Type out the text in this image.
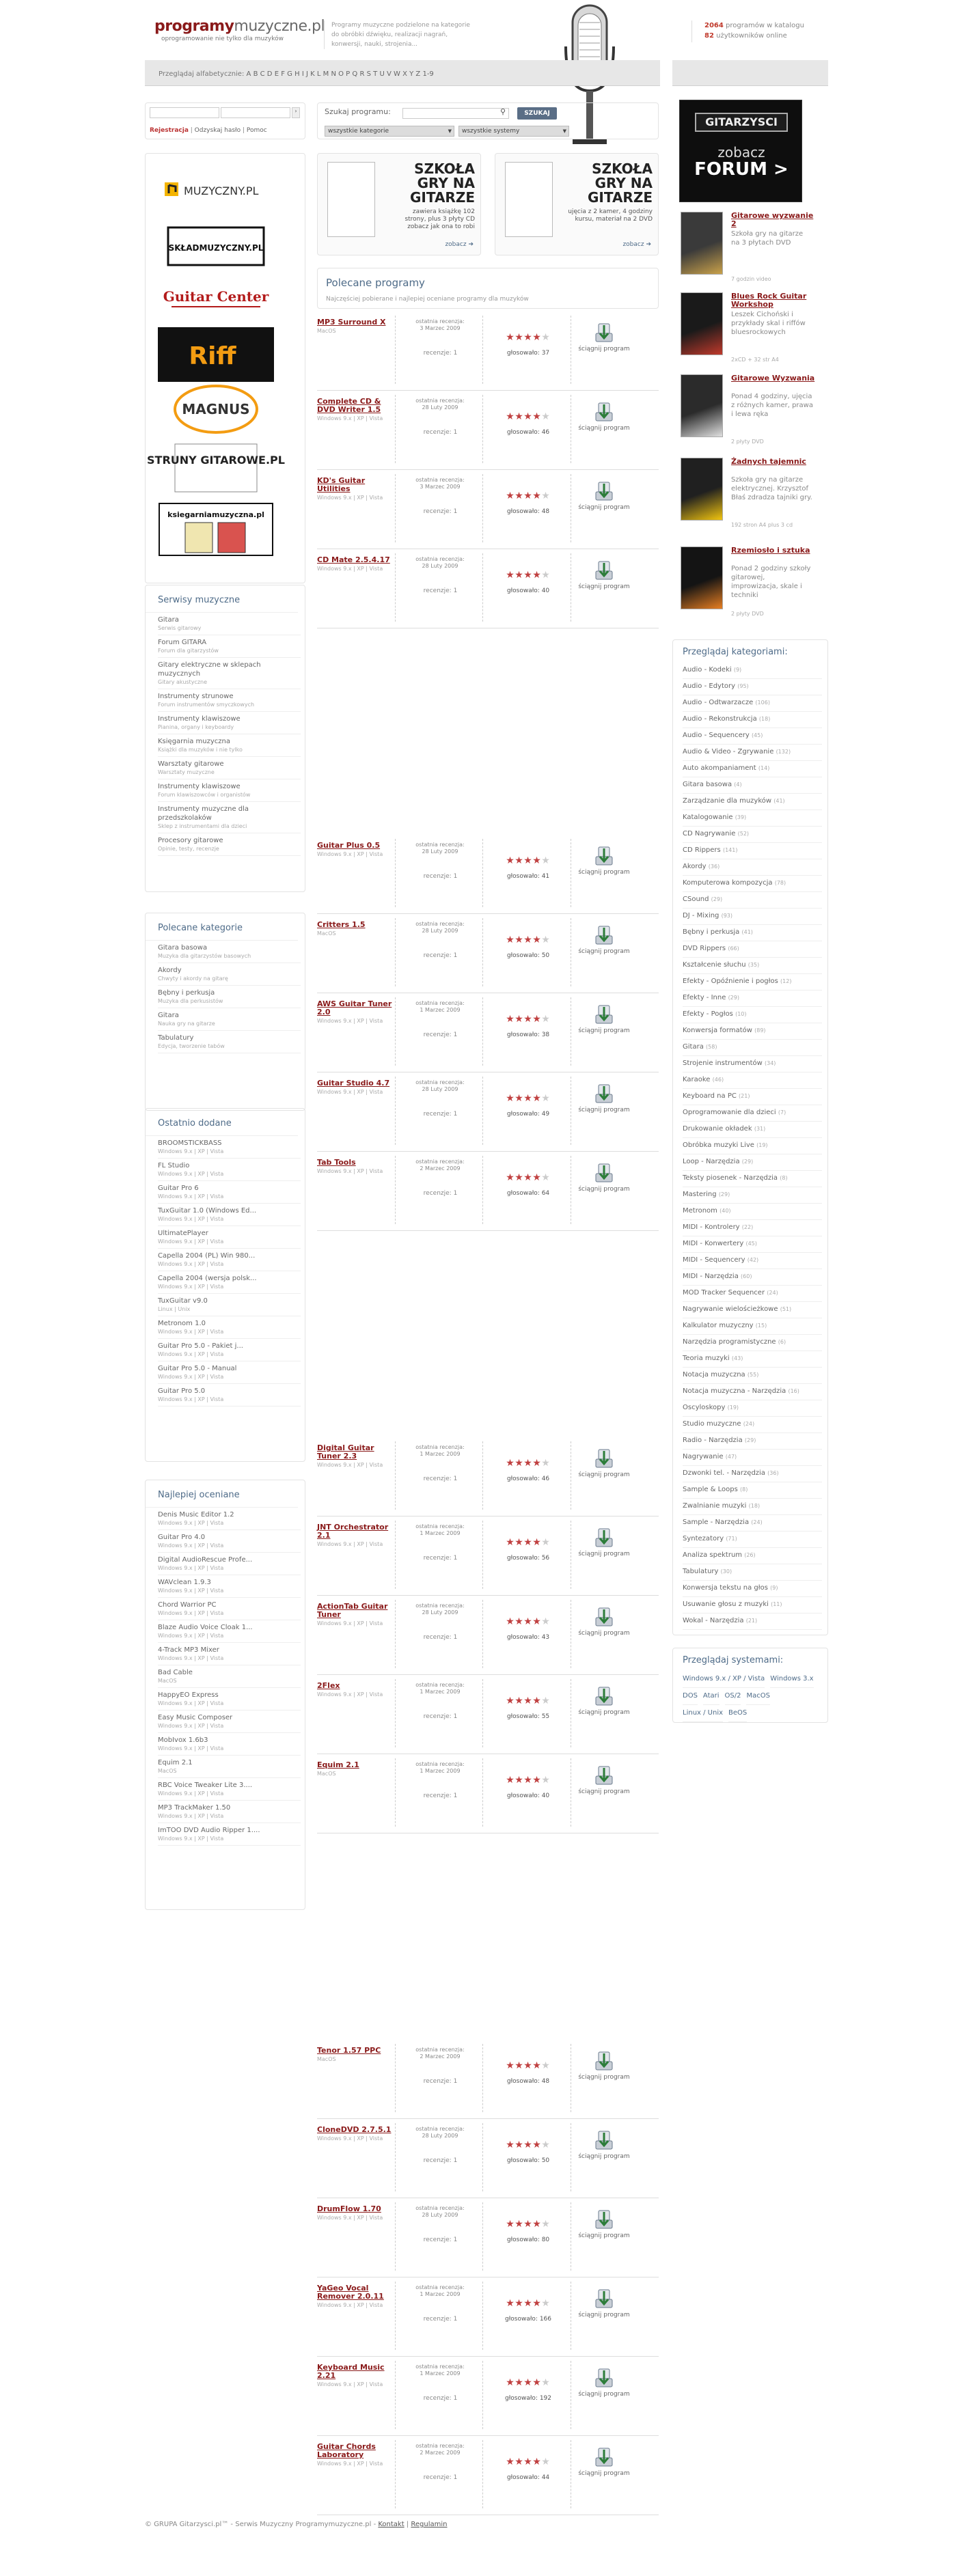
programymuzyczne.pl
oprogramowanie nie tylko dla muzyków
Programy muzyczne podzielone na kategorie do obróbki dźwięku, realizacji nagrań, konwersji, nauki, strojenia...
2064 programów w katalogu
82 użytkowników online
Przeglądaj alfabetycznie: A B C D E F G H I J K L M N O P Q R S T U V W X Y Z 1-9
›
Rejestracja | Odzyskaj hasło | Pomoc
Szukaj programu:	⚲	SZUKAJ
wszystkie kategorie ▼	wszystkie systemy ▼
MUZYCZNY.PL
SKŁADMUZYCZNY.PL
Guitar Center
Riff
MAGNUS
STRUNY GITAROWE.PL
ksiegarniamuzyczna.pl
Serwisy muzyczne
Gitara
Serwis gitarowy
Forum GITARA
Forum dla gitarzystów
Gitary elektryczne w sklepach muzycznych
Gitary akustyczne
Instrumenty strunowe
Forum instrumentów smyczkowych
Instrumenty klawiszowe
Pianina, organy i keyboardy
Księgarnia muzyczna
Książki dla muzyków i nie tylko
Warsztaty gitarowe
Warsztaty muzyczne
Instrumenty klawiszowe
Forum klawiszowców i organistów
Instrumenty muzyczne dla przedszkolaków
Sklep z instrumentami dla dzieci
Procesory gitarowe
Opinie, testy, recenzje
Polecane kategorie
Gitara basowa
Muzyka dla gitarzystów basowych
Akordy
Chwyty i akordy na gitarę
Bębny i perkusja
Muzyka dla perkusistów
Gitara
Nauka gry na gitarze
Tabulatury
Edycja, tworzenie tabów
Ostatnio dodane
BROOMSTICKBASS
Windows 9.x | XP | Vista
FL Studio
Windows 9.x | XP | Vista
Guitar Pro 6
Windows 9.x | XP | Vista
TuxGuitar 1.0 (Windows Ed...
Windows 9.x | XP | Vista
UltimatePlayer
Windows 9.x | XP | Vista
Capella 2004 (PL) Win 980...
Windows 9.x | XP | Vista
Capella 2004 (wersja polsk...
Windows 9.x | XP | Vista
TuxGuitar v9.0
Linux | Unix
Metronom 1.0
Windows 9.x | XP | Vista
Guitar Pro 5.0 - Pakiet j...
Windows 9.x | XP | Vista
Guitar Pro 5.0 - Manual
Windows 9.x | XP | Vista
Guitar Pro 5.0
Windows 9.x | XP | Vista
Najlepiej oceniane
Denis Music Editor 1.2
Windows 9.x | XP | Vista
Guitar Pro 4.0
Windows 9.x | XP | Vista
Digital AudioRescue Profe...
Windows 9.x | XP | Vista
WAVclean 1.9.3
Windows 9.x | XP | Vista
Chord Warrior PC
Windows 9.x | XP | Vista
Blaze Audio Voice Cloak 1...
Windows 9.x | XP | Vista
4-Track MP3 Mixer
Windows 9.x | XP | Vista
Bad Cable
MacOS
HappyEO Express
Windows 9.x | XP | Vista
Easy Music Composer
Windows 9.x | XP | Vista
MobIvox 1.6b3
Windows 9.x | XP | Vista
Equim 2.1
MacOS
RBC Voice Tweaker Lite 3....
Windows 9.x | XP | Vista
MP3 TrackMaker 1.50
Windows 9.x | XP | Vista
ImTOO DVD Audio Ripper 1....
Windows 9.x | XP | Vista
SZKOŁA GRY NA GITARZE
zawiera książkę 102 strony, plus 3 płyty CD zobacz jak ona to robi
zobacz ➔
SZKOŁA GRY NA GITARZE
ujęcia z 2 kamer, 4 godziny kursu, materiał na 2 DVD
zobacz ➔
Polecane programy

Najczęściej pobierane i najlepiej oceniane programy dla muzyków

MP3 Surround X
MacOS
ostatnia recenzja:
3 Marzec 2009
recenzje: 1
★★★★★
głosowało: 37
ściągnij program
Complete CD & DVD Writer 1.5
Windows 9.x | XP | Vista
ostatnia recenzja:
28 Luty 2009
recenzje: 1
★★★★★
głosowało: 46
ściągnij program
KD's Guitar Utilities
Windows 9.x | XP | Vista
ostatnia recenzja:
3 Marzec 2009
recenzje: 1
★★★★★
głosowało: 48
ściągnij program
CD Mate 2.5.4.17
Windows 9.x | XP | Vista
ostatnia recenzja:
28 Luty 2009
recenzje: 1
★★★★★
głosowało: 40
ściągnij program
Guitar Plus 0.5
Windows 9.x | XP | Vista
ostatnia recenzja:
28 Luty 2009
recenzje: 1
★★★★★
głosowało: 41
ściągnij program
Critters 1.5
MacOS
ostatnia recenzja:
28 Luty 2009
recenzje: 1
★★★★★
głosowało: 50
ściągnij program
AWS Guitar Tuner 2.0
Windows 9.x | XP | Vista
ostatnia recenzja:
1 Marzec 2009
recenzje: 1
★★★★★
głosowało: 38
ściągnij program
Guitar Studio 4.7
Windows 9.x | XP | Vista
ostatnia recenzja:
28 Luty 2009
recenzje: 1
★★★★★
głosowało: 49
ściągnij program
Tab Tools
Windows 9.x | XP | Vista
ostatnia recenzja:
2 Marzec 2009
recenzje: 1
★★★★★
głosowało: 64
ściągnij program
Digital Guitar Tuner 2.3
Windows 9.x | XP | Vista
ostatnia recenzja:
1 Marzec 2009
recenzje: 1
★★★★★
głosowało: 46
ściągnij program
JNT Orchestrator 2.1
Windows 9.x | XP | Vista
ostatnia recenzja:
1 Marzec 2009
recenzje: 1
★★★★★
głosowało: 56
ściągnij program
ActionTab Guitar Tuner
Windows 9.x | XP | Vista
ostatnia recenzja:
28 Luty 2009
recenzje: 1
★★★★★
głosowało: 43
ściągnij program
2Flex
Windows 9.x | XP | Vista
ostatnia recenzja:
1 Marzec 2009
recenzje: 1
★★★★★
głosowało: 55
ściągnij program
Equim 2.1
MacOS
ostatnia recenzja:
1 Marzec 2009
recenzje: 1
★★★★★
głosowało: 40
ściągnij program
Tenor 1.57 PPC
MacOS
ostatnia recenzja:
2 Marzec 2009
recenzje: 1
★★★★★
głosowało: 48
ściągnij program
CloneDVD 2.7.5.1
Windows 9.x | XP | Vista
ostatnia recenzja:
28 Luty 2009
recenzje: 1
★★★★★
głosowało: 50
ściągnij program
DrumFlow 1.70
Windows 9.x | XP | Vista
ostatnia recenzja:
28 Luty 2009
recenzje: 1
★★★★★
głosowało: 80
ściągnij program
YaGeo Vocal Remover 2.0.11
Windows 9.x | XP | Vista
ostatnia recenzja:
1 Marzec 2009
recenzje: 1
★★★★★
głosowało: 166
ściągnij program
Keyboard Music 2.21
Windows 9.x | XP | Vista
ostatnia recenzja:
1 Marzec 2009
recenzje: 1
★★★★★
głosowało: 192
ściągnij program
Guitar Chords Laboratory
Windows 9.x | XP | Vista
ostatnia recenzja:
2 Marzec 2009
recenzje: 1
★★★★★
głosowało: 44
ściągnij program
GITARZYSCI
zobacz
FORUM >
Gitarowe wyzwanie 2
Szkoła gry na gitarze na 3 płytach DVD
7 godzin video
Blues Rock Guitar Workshop
Leszek Cichoński i przykłady skal i riffów bluesrockowych
2xCD + 32 str A4
Gitarowe Wyzwania
Ponad 4 godziny, ujęcia z różnych kamer, prawa i lewa ręka
2 płyty DVD
Żadnych tajemnic
Szkoła gry na gitarze elektrycznej. Krzysztof Błaś zdradza tajniki gry.
192 stron A4 plus 3 cd
Rzemiosło i sztuka
Ponad 2 godziny szkoły gitarowej, improwizacja, skale i techniki
2 płyty DVD
Przeglądaj kategoriami:
Audio - Kodeki (9)
Audio - Edytory (95)
Audio - Odtwarzacze (106)
Audio - Rekonstrukcja (18)
Audio - Sequencery (45)
Audio & Video - Zgrywanie (132)
Auto akompaniament (14)
Gitara basowa (4)
Zarządzanie dla muzyków (41)
Katalogowanie (39)
CD Nagrywanie (52)
CD Rippers (141)
Akordy (36)
Komputerowa kompozycja (78)
CSound (29)
DJ - Mixing (93)
Bębny i perkusja (41)
DVD Rippers (66)
Kształcenie słuchu (35)
Efekty - Opóźnienie i pogłos (12)
Efekty - Inne (29)
Efekty - Pogłos (10)
Konwersja formatów (89)
Gitara (58)
Strojenie instrumentów (34)
Karaoke (46)
Keyboard na PC (21)
Oprogramowanie dla dzieci (7)
Drukowanie okładek (31)
Obróbka muzyki Live (19)
Loop - Narzędzia (29)
Teksty piosenek - Narzędzia (8)
Mastering (29)
Metronom (40)
MIDI - Kontrolery (22)
MIDI - Konwertery (45)
MIDI - Sequencery (42)
MIDI - Narzędzia (60)
MOD Tracker Sequencer (24)
Nagrywanie wielościeżkowe (51)
Kalkulator muzyczny (15)
Narzędzia programistyczne (6)
Teoria muzyki (43)
Notacja muzyczna (55)
Notacja muzyczna - Narzędzia (16)
Oscyloskopy (19)
Studio muzyczne (24)
Radio - Narzędzia (29)
Nagrywanie (47)
Dzwonki tel. - Narzędzia (36)
Sample & Loops (8)
Zwalnianie muzyki (18)
Sample - Narzędzia (24)
Syntezatory (71)
Analiza spektrum (26)
Tabulatury (30)
Konwersja tekstu na głos (9)
Usuwanie głosu z muzyki (11)
Wokal - Narzędzia (21)
Przeglądaj systemami:
Windows 9.x / XP / Vista Windows 3.xDOS Atari OS/2 MacOSLinux / Unix BeOS
© GRUPA Gitarzysci.pl™ - Serwis Muzyczny Programymuzyczne.pl - Kontakt | Regulamin
